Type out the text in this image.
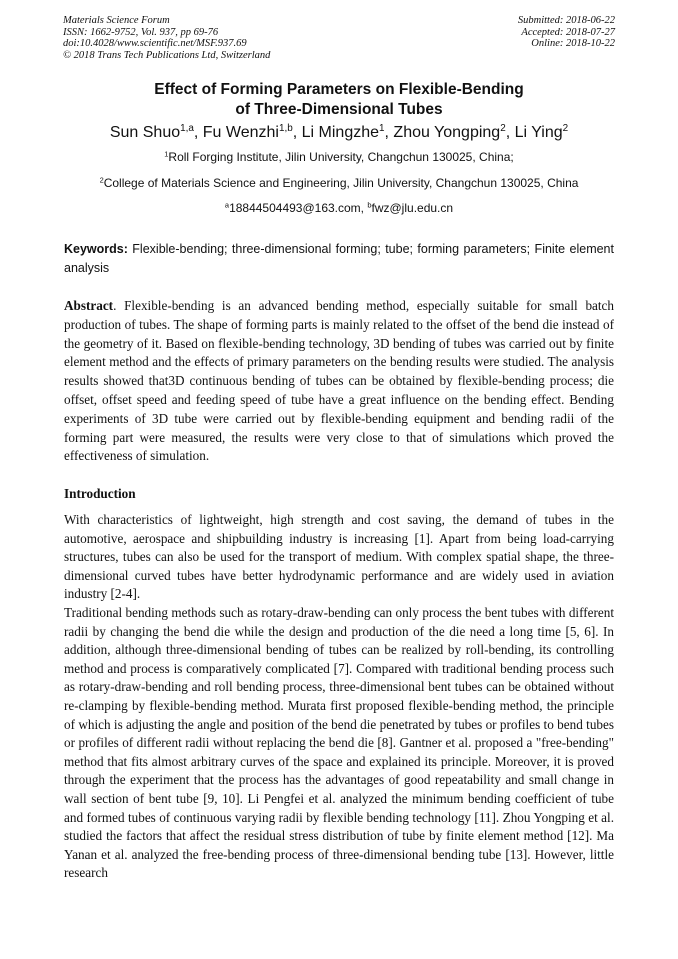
Materials Science Forum
ISSN: 1662-9752, Vol. 937, pp 69-76
doi:10.4028/www.scientific.net/MSF.937.69
© 2018 Trans Tech Publications Ltd, Switzerland
Submitted: 2018-06-22
Accepted: 2018-07-27
Online: 2018-10-22
Effect of Forming Parameters on Flexible-Bending
of Three-Dimensional Tubes
Sun Shuo$^{1,a}$, Fu Wenzhi$^{1,b}$, Li Mingzhe$^1$, Zhou Yongping$^2$, Li Ying$^2$
$^1$Roll Forging Institute, Jilin University, Changchun 130025, China;
$^2$College of Materials Science and Engineering, Jilin University, Changchun 130025, China
$^a$18844504493@163.com, $^b$fwz@jlu.edu.cn
Keywords: Flexible-bending; three-dimensional forming; tube; forming parameters; Finite element analysis
Abstract. Flexible-bending is an advanced bending method, especially suitable for small batch production of tubes. The shape of forming parts is mainly related to the offset of the bend die instead of the geometry of it. Based on flexible-bending technology, 3D bending of tubes was carried out by finite element method and the effects of primary parameters on the bending results were studied. The analysis results showed that3D continuous bending of tubes can be obtained by flexible-bending process; die offset, offset speed and feeding speed of tube have a great influence on the bending effect. Bending experiments of 3D tube were carried out by flexible-bending equipment and bending radii of the forming part were measured, the results were very close to that of simulations which proved the effectiveness of simulation.
Introduction

With characteristics of lightweight, high strength and cost saving, the demand of tubes in the automotive, aerospace and shipbuilding industry is increasing [1]. Apart from being load-carrying structures, tubes can also be used for the transport of medium. With complex spatial shape, the three-dimensional curved tubes have better hydrodynamic performance and are widely used in aviation industry [2-4].

Traditional bending methods such as rotary-draw-bending can only process the bent tubes with different radii by changing the bend die while the design and production of the die need a long time [5, 6]. In addition, although three-dimensional bending of tubes can be realized by roll-bending, its controlling method and process is comparatively complicated [7]. Compared with traditional bending process such as rotary-draw-bending and roll bending process, three-dimensional bent tubes can be obtained without re-clamping by flexible-bending method. Murata first proposed flexible-bending method, the principle of which is adjusting the angle and position of the bend die penetrated by tubes or profiles to bend tubes or profiles of different radii without replacing the bend die [8]. Gantner et al. proposed a "free-bending" method that fits almost arbitrary curves of the space and explained its principle. Moreover, it is proved through the experiment that the process has the advantages of good repeatability and small change in wall section of bent tube [9, 10]. Li Pengfei et al. analyzed the minimum bending coefficient of tube and formed tubes of continuous varying radii by flexible bending technology [11]. Zhou Yongping et al. studied the factors that affect the residual stress distribution of tube by finite element method [12]. Ma Yanan et al. analyzed the free-bending process of three-dimensional bending tube [13]. However, little research
